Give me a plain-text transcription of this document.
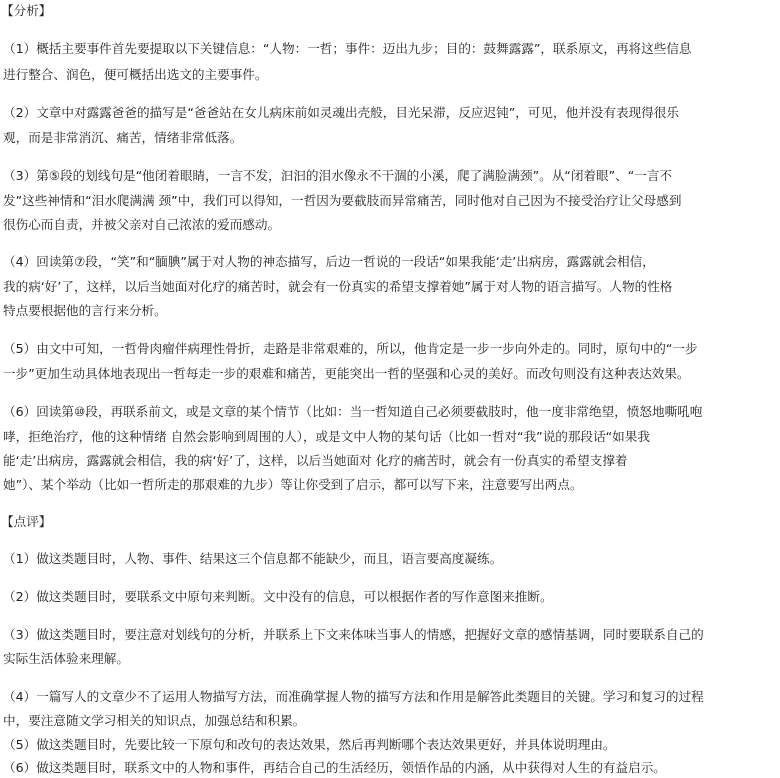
【分析】
（1）概括主要事件首先要提取以下关键信息：“人物：一哲；事件：迈出九步；目的：鼓舞露露”，联系原文，再将这些信息
进行整合、润色，便可概括出选文的主要事件。
（2）文章中对露露爸爸的描写是“爸爸站在女儿病床前如灵魂出壳般，目光呆滞，反应迟钝”，可见，他并没有表现得很乐
观，而是非常消沉、痛苦，情绪非常低落。
（3）第⑤段的划线句是“他闭着眼睛，一言不发，汩汩的泪水像永不干涸的小溪，爬了满脸满颈”。从“闭着眼”、“一言不
发”这些神情和“泪水爬满满 颈”中，我们可以得知，一哲因为要截肢而异常痛苦，同时他对自己因为不接受治疗让父母感到
很伤心而自责，并被父亲对自己浓浓的爱而感动。
（4）回读第⑦段，“笑”和“腼腆”属于对人物的神态描写，后边一哲说的一段话“如果我能‘走’出病房，露露就会相信，
我的病‘好’了，这样，以后当她面对化疗的痛苦时，就会有一份真实的希望支撑着她”属于对人物的语言描写。人物的性格
特点要根据他的言行来分析。
（5）由文中可知，一哲骨肉瘤伴病理性骨折，走路是非常艰难的，所以，他肯定是一步一步向外走的。同时，原句中的“一步
一步”更加生动具体地表现出一哲每走一步的艰难和痛苦，更能突出一哲的坚强和心灵的美好。而改句则没有这种表达效果。
（6）回读第⑩段，再联系前文，或是文章的某个情节（比如：当一哲知道自己必须要截肢时，他一度非常绝望，愤怒地嘶吼咆
哮，拒绝治疗，他的这种情绪 自然会影响到周围的人），或是文中人物的某句话（比如一哲对“我”说的那段话“如果我
能‘走’出病房，露露就会相信，我的病‘好’了，这样，以后当她面对 化疗的痛苦时，就会有一份真实的希望支撑着
她”）、某个举动（比如一哲所走的那艰难的九步）等让你受到了启示，都可以写下来，注意要写出两点。
【点评】
（1）做这类题目时，人物、事件、结果这三个信息都不能缺少，而且，语言要高度凝练。
（2）做这类题目时，要联系文中原句来判断。文中没有的信息，可以根据作者的写作意图来推断。
（3）做这类题目时，要注意对划线句的分析，并联系上下文来体味当事人的情感，把握好文章的感情基调，同时要联系自己的
实际生活体验来理解。
（4）一篇写人的文章少不了运用人物描写方法，而准确掌握人物的描写方法和作用是解答此类题目的关键。学习和复习的过程
中，要注意随文学习相关的知识点，加强总结和积累。
（5）做这类题目时，先要比较一下原句和改句的表达效果，然后再判断哪个表达效果更好，并具体说明理由。
（6）做这类题目时，联系文中的人物和事件，再结合自己的生活经历，领悟作品的内涵，从中获得对人生的有益启示。
